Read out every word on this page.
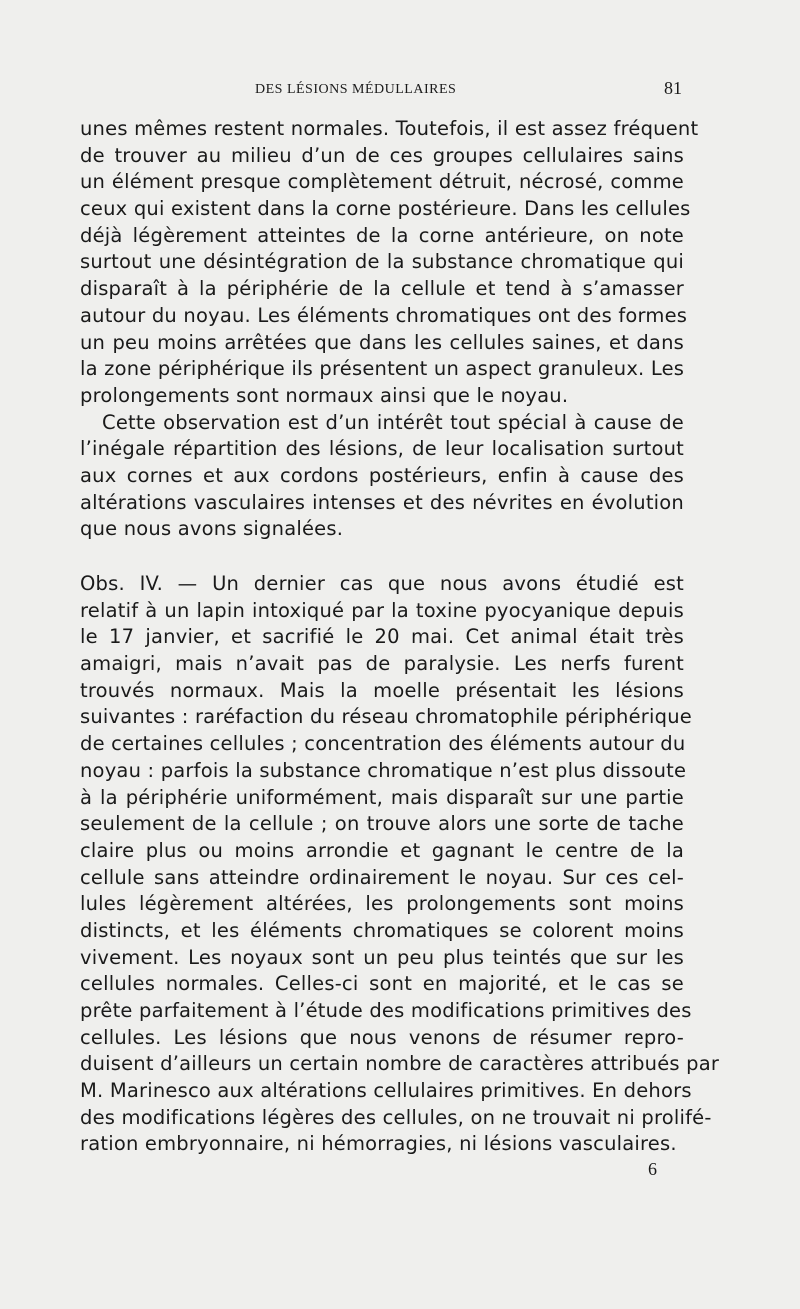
DES LÉSIONS MÉDULLAIRES	81
unes mêmes restent normales. Toutefois, il est assez fréquent
de trouver au milieu d’un de ces groupes cellulaires sains
un élément presque complètement détruit, nécrosé, comme
ceux qui existent dans la corne postérieure. Dans les cellules
déjà légèrement atteintes de la corne antérieure, on note
surtout une désintégration de la substance chromatique qui
disparaît à la périphérie de la cellule et tend à s’amasser
autour du noyau. Les éléments chromatiques ont des formes
un peu moins arrêtées que dans les cellules saines, et dans
la zone périphérique ils présentent un aspect granuleux. Les
prolongements sont normaux ainsi que le noyau.
Cette observation est d’un intérêt tout spécial à cause de
l’inégale répartition des lésions, de leur localisation surtout
aux cornes et aux cordons postérieurs, enfin à cause des
altérations vasculaires intenses et des névrites en évolution
que nous avons signalées.
Obs. IV. — Un dernier cas que nous avons étudié est
relatif à un lapin intoxiqué par la toxine pyocyanique depuis
le 17 janvier, et sacrifié le 20 mai. Cet animal était très
amaigri, mais n’avait pas de paralysie. Les nerfs furent
trouvés normaux. Mais la moelle présentait les lésions
suivantes : raréfaction du réseau chromatophile périphérique
de certaines cellules ; concentration des éléments autour du
noyau : parfois la substance chromatique n’est plus dissoute
à la périphérie uniformément, mais disparaît sur une partie
seulement de la cellule ; on trouve alors une sorte de tache
claire plus ou moins arrondie et gagnant le centre de la
cellule sans atteindre ordinairement le noyau. Sur ces cel-
lules légèrement altérées, les prolongements sont moins
distincts, et les éléments chromatiques se colorent moins
vivement. Les noyaux sont un peu plus teintés que sur les
cellules normales. Celles-ci sont en majorité, et le cas se
prête parfaitement à l’étude des modifications primitives des
cellules. Les lésions que nous venons de résumer repro-
duisent d’ailleurs un certain nombre de caractères attribués par
M. Marinesco aux altérations cellulaires primitives. En dehors
des modifications légères des cellules, on ne trouvait ni prolifé-
ration embryonnaire, ni hémorragies, ni lésions vasculaires.
6
